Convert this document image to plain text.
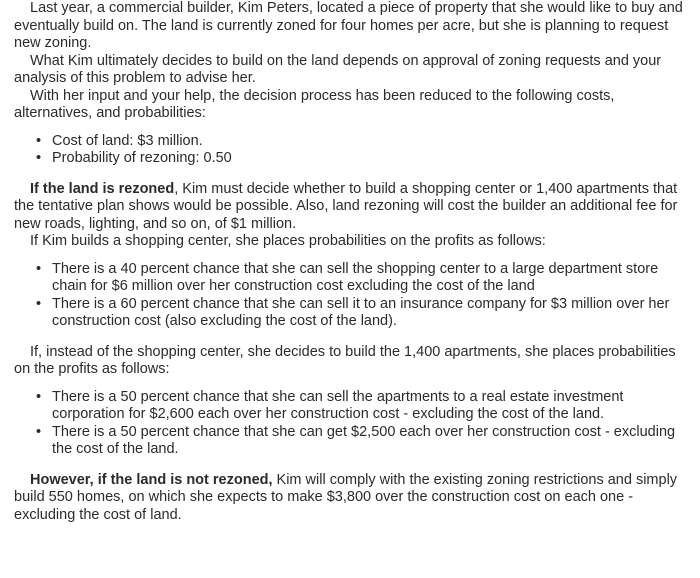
Last year, a commercial builder, Kim Peters, located a piece of property that she would like to buy and eventually build on. The land is currently zoned for four homes per acre, but she is planning to request new zoning.

What Kim ultimately decides to build on the land depends on approval of zoning requests and your analysis of this problem to advise her.

With her input and your help, the decision process has been reduced to the following costs, alternatives, and probabilities:

• Cost of land: $3 million.
• Probability of rezoning: 0.50

If the land is rezoned, Kim must decide whether to build a shopping center or 1,400 apartments that the tentative plan shows would be possible. Also, land rezoning will cost the builder an additional fee for new roads, lighting, and so on, of $1 million.

If Kim builds a shopping center, she places probabilities on the profits as follows:

• There is a 40 percent chance that she can sell the shopping center to a large department store chain for $6 million over her construction cost excluding the cost of the land
• There is a 60 percent chance that she can sell it to an insurance company for $3 million over her construction cost (also excluding the cost of the land).

If, instead of the shopping center, she decides to build the 1,400 apartments, she places probabilities on the profits as follows:

• There is a 50 percent chance that she can sell the apartments to a real estate investment corporation for $2,600 each over her construction cost - excluding the cost of the land.
• There is a 50 percent chance that she can get $2,500 each over her construction cost - excluding the cost of the land.

However, if the land is not rezoned, Kim will comply with the existing zoning restrictions and simply build 550 homes, on which she expects to make $3,800 over the construction cost on each one - excluding the cost of land.
